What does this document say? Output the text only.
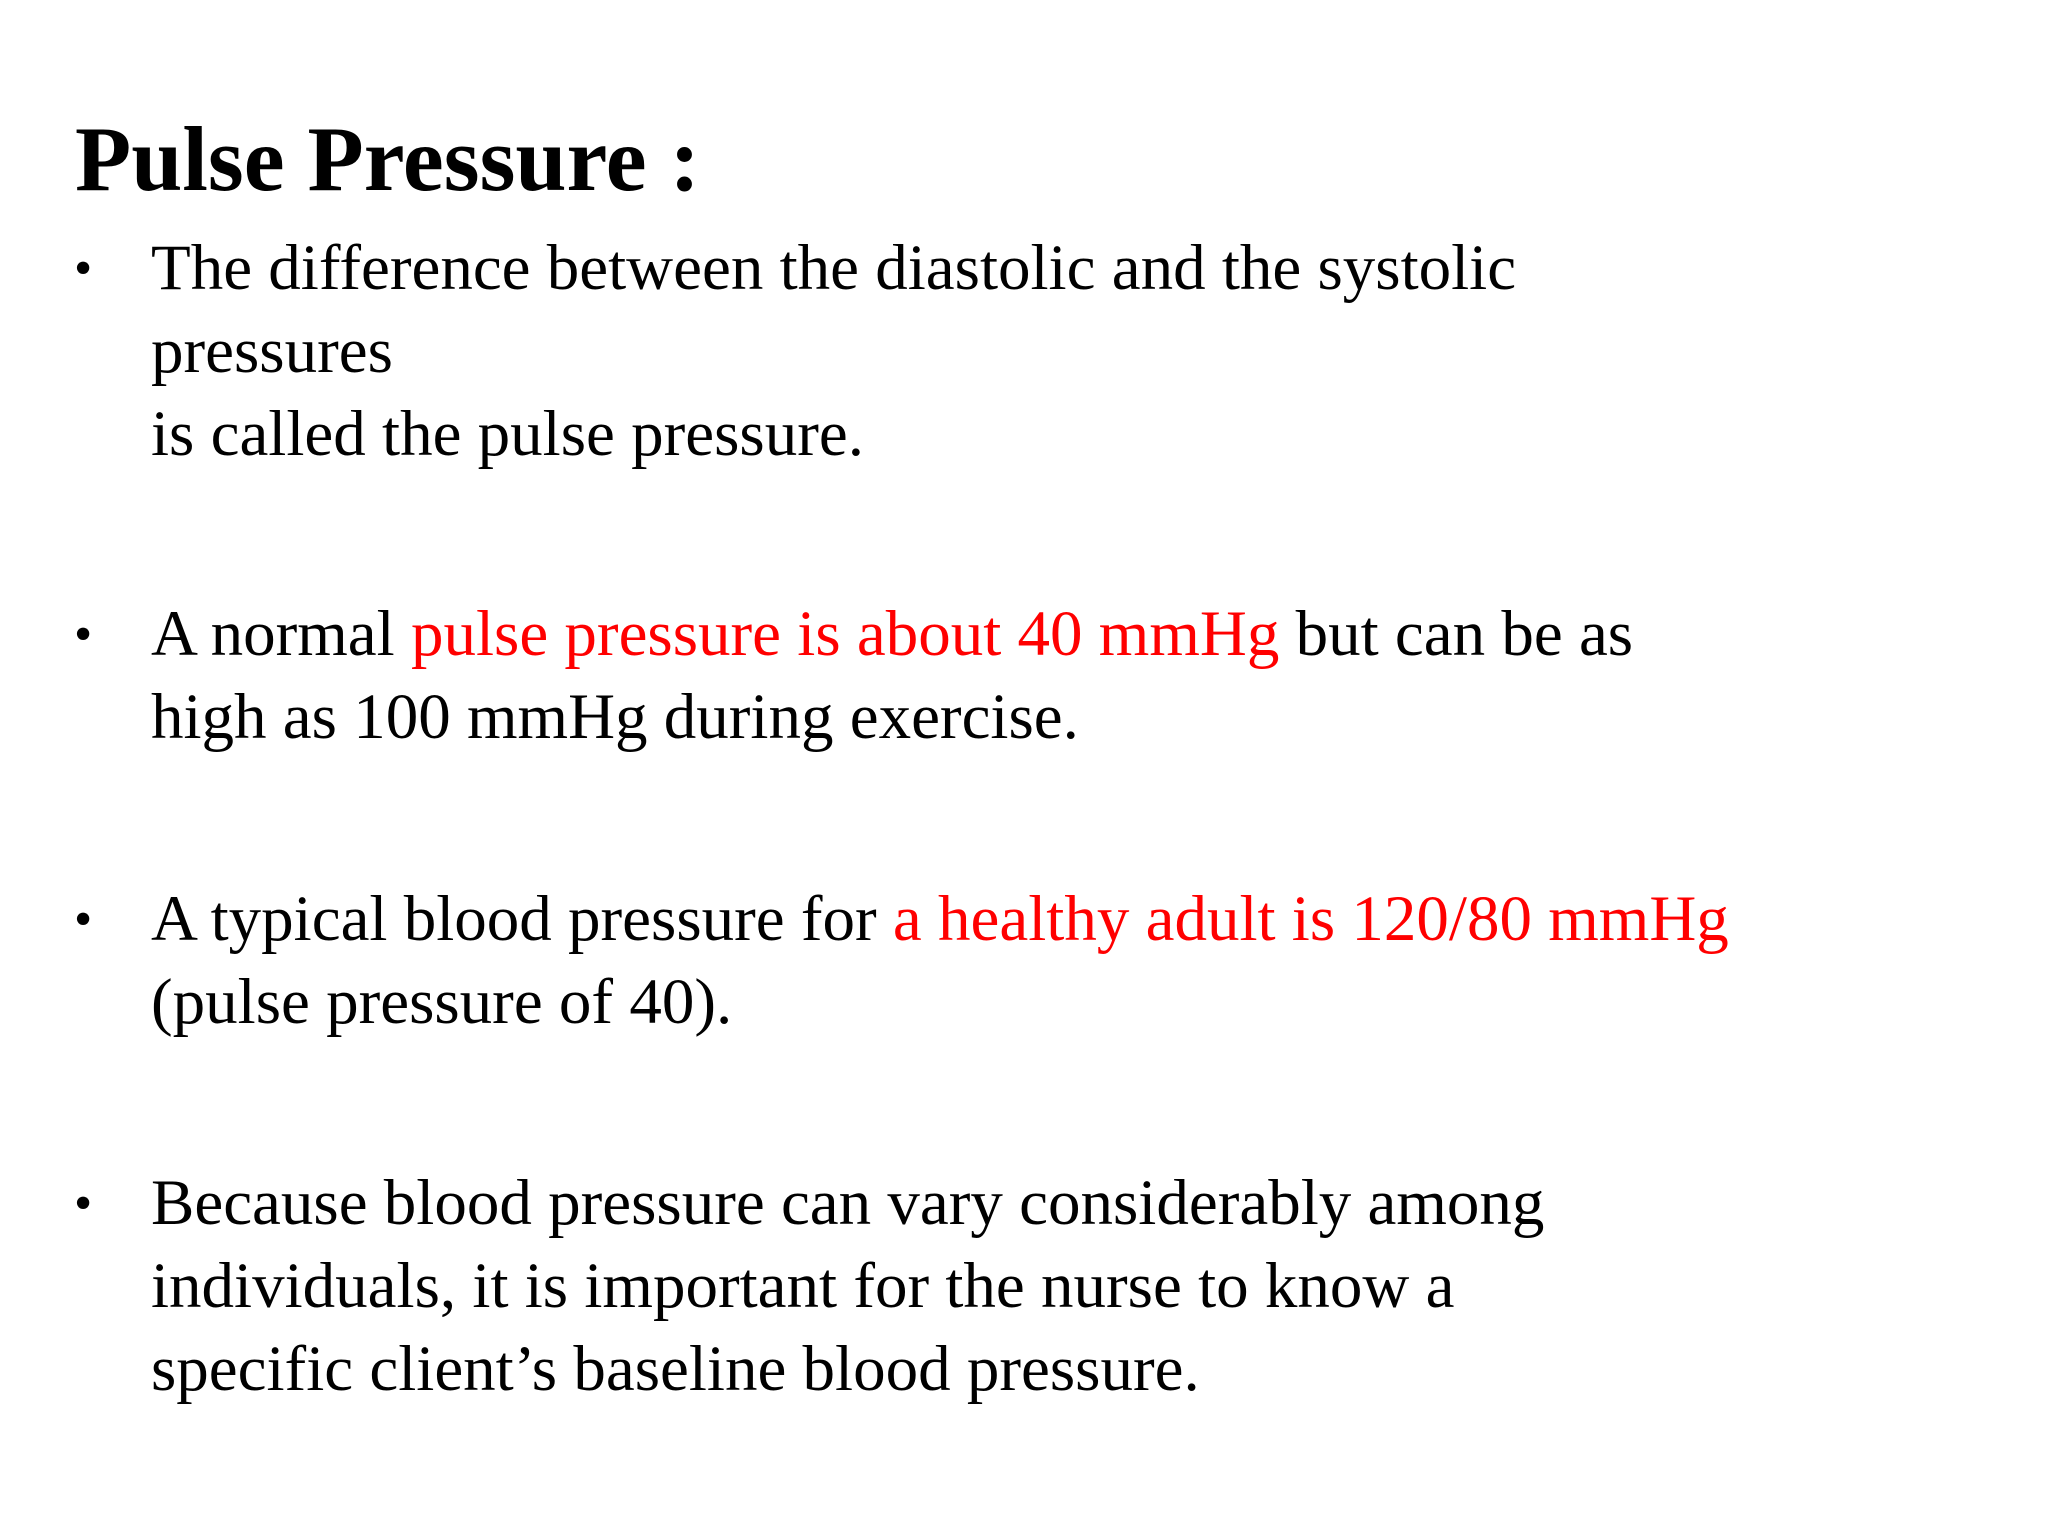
Pulse Pressure :
• The difference between the diastolic and the systolic
pressures
is called the pulse pressure.
• A normal pulse pressure is about 40 mmHg but can be as
high as 100 mmHg during exercise.
• A typical blood pressure for a healthy adult is 120/80 mmHg
(pulse pressure of 40).
• Because blood pressure can vary considerably among
individuals, it is important for the nurse to know a
specific client’s baseline blood pressure.
